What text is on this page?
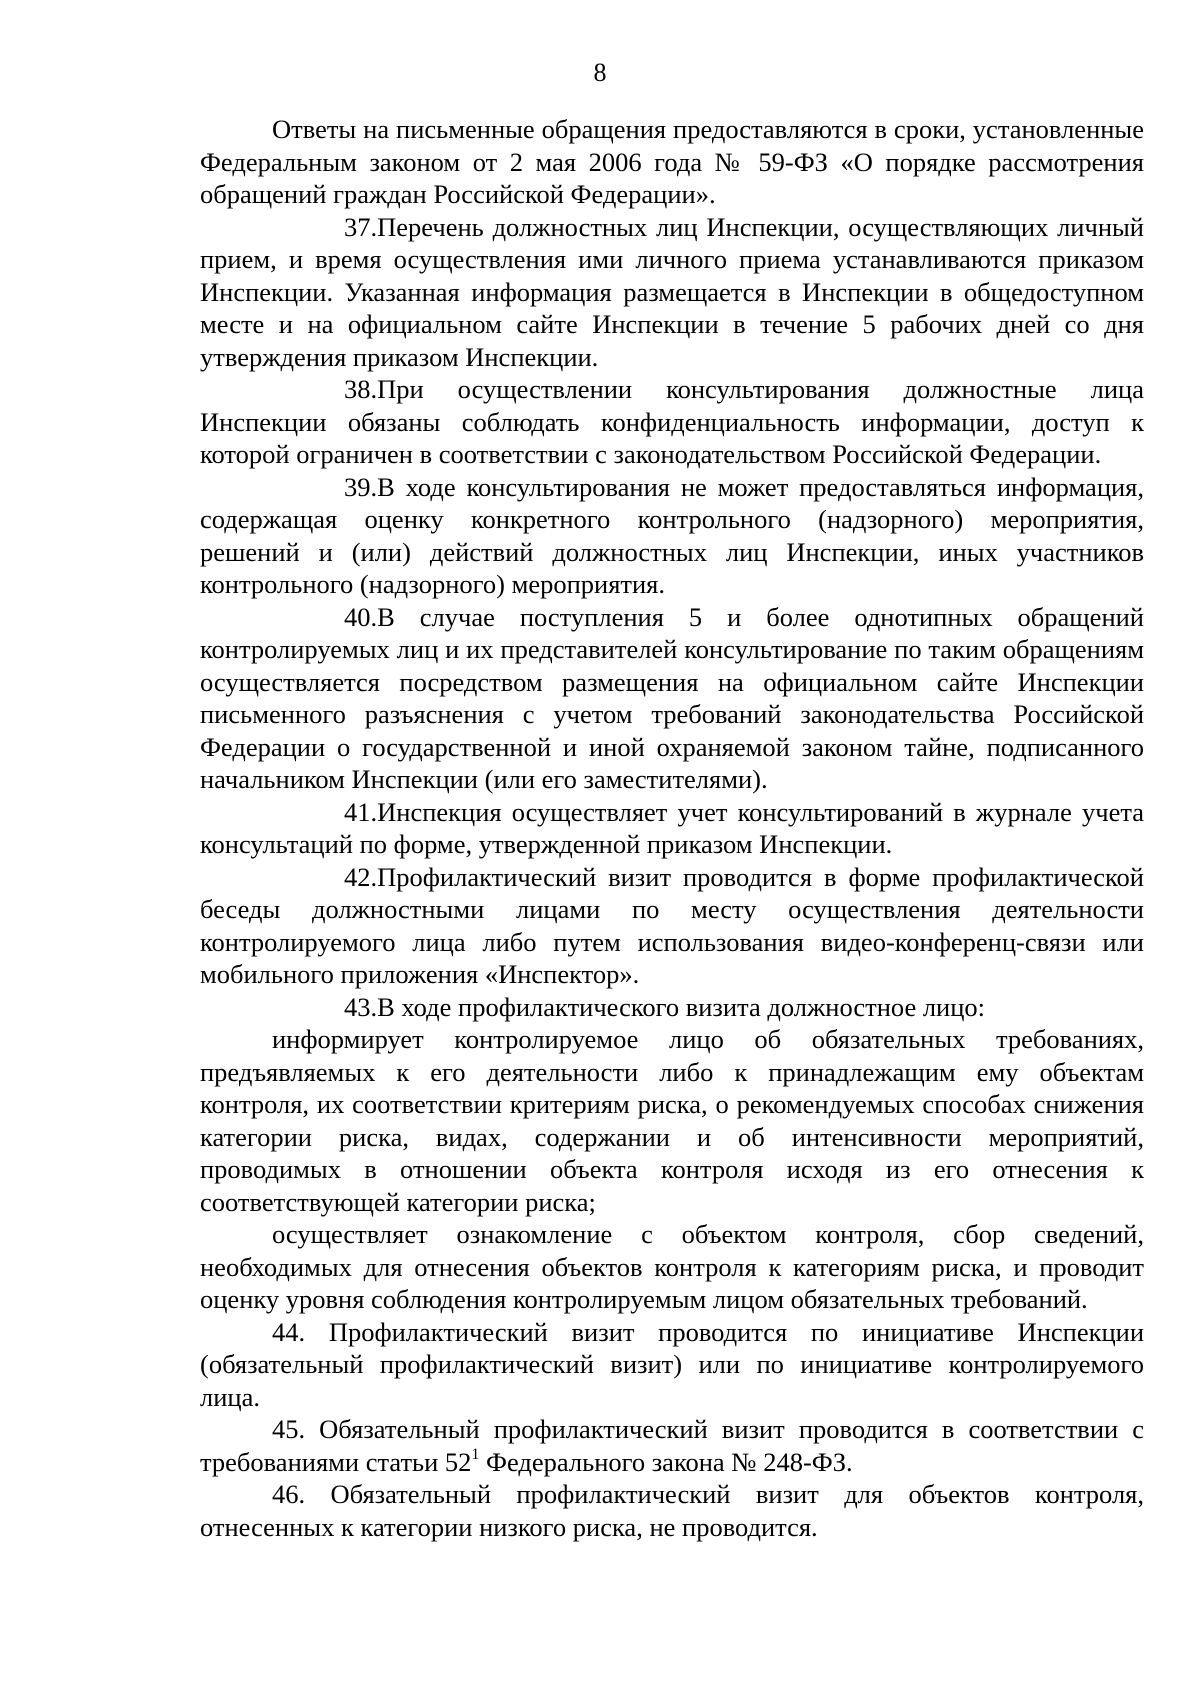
8

Ответы на письменные обращения предоставляются в сроки, установленные Федеральным законом от 2 мая 2006 года № 59-ФЗ «О порядке рассмотрения обращений граждан Российской Федерации».

37.Перечень должностных лиц Инспекции, осуществляющих личный прием, и время осуществления ими личного приема устанавливаются приказом Инспекции. Указанная информация размещается в Инспекции в общедоступном месте и на официальном сайте Инспекции в течение 5 рабочих дней со дня утверждения приказом Инспекции.

38.При осуществлении консультирования должностные лица Инспекции обязаны соблюдать конфиденциальность информации, доступ к которой ограничен в соответствии с законодательством Российской Федерации.

39.В ходе консультирования не может предоставляться информация, содержащая оценку конкретного контрольного (надзорного) мероприятия, решений и (или) действий должностных лиц Инспекции, иных участников контрольного (надзорного) мероприятия.

40.В случае поступления 5 и более однотипных обращений контролируемых лиц и их представителей консультирование по таким обращениям осуществляется посредством размещения на официальном сайте Инспекции письменного разъяснения с учетом требований законодательства Российской Федерации о государственной и иной охраняемой законом тайне, подписанного начальником Инспекции (или его заместителями).

41.Инспекция осуществляет учет консультирований в журнале учета консультаций по форме, утвержденной приказом Инспекции.

42.Профилактический визит проводится в форме профилактической беседы должностными лицами по месту осуществления деятельности контролируемого лица либо путем использования видео-конференц-связи или мобильного приложения «Инспектор».

43.В ходе профилактического визита должностное лицо:

информирует контролируемое лицо об обязательных требованиях, предъявляемых к его деятельности либо к принадлежащим ему объектам контроля, их соответствии критериям риска, о рекомендуемых способах снижения категории риска, видах, содержании и об интенсивности мероприятий, проводимых в отношении объекта контроля исходя из его отнесения к соответствующей категории риска;

осуществляет ознакомление с объектом контроля, сбор сведений, необходимых для отнесения объектов контроля к категориям риска, и проводит оценку уровня соблюдения контролируемым лицом обязательных требований.

44. Профилактический визит проводится по инициативе Инспекции (обязательный профилактический визит) или по инициативе контролируемого лица.

45. Обязательный профилактический визит проводится в соответствии с требованиями статьи $52^1$ Федерального закона № 248-ФЗ.

46. Обязательный профилактический визит для объектов контроля, отнесенных к категории низкого риска, не проводится.
